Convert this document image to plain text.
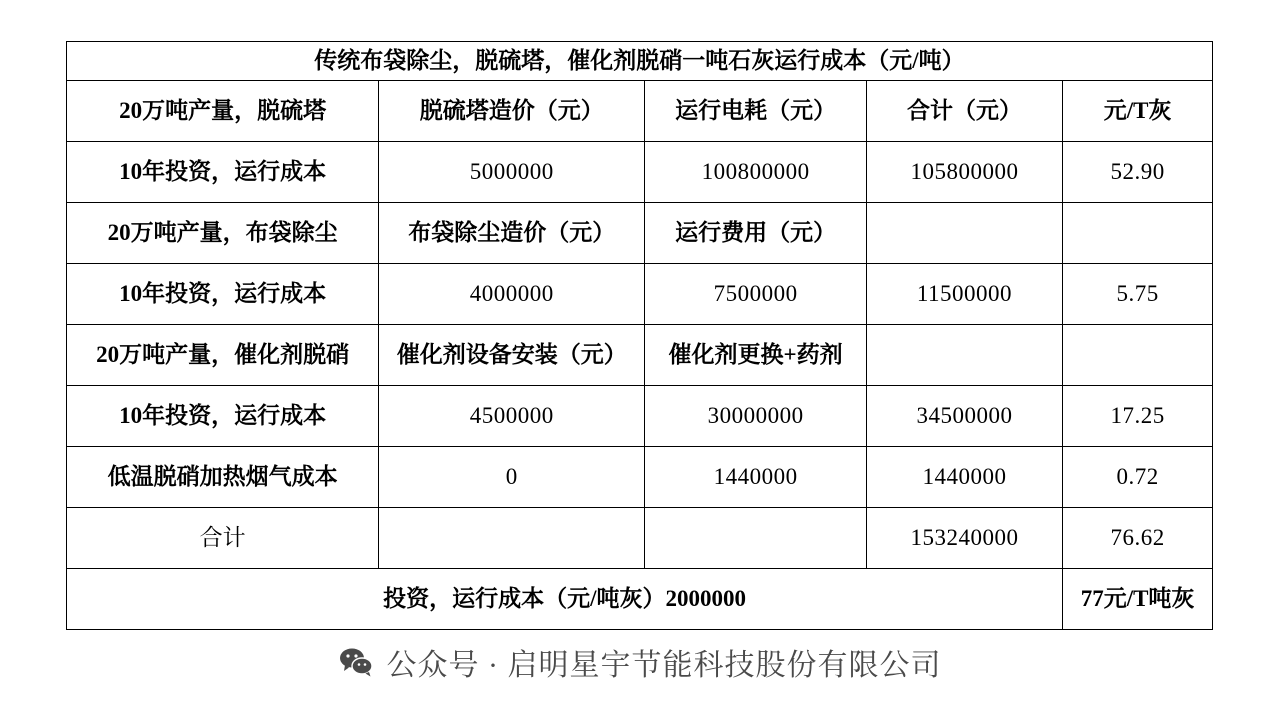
传统布袋除尘，脱硫塔，催化剂脱硝一吨石灰运行成本（元/吨）				
20万吨产量，脱硫塔	脱硫塔造价（元）	运行电耗（元）	合计（元）	元/T灰
10年投资，运行成本	5000000	100800000	105800000	52.90
20万吨产量，布袋除尘	布袋除尘造价（元）	运行费用（元）		
10年投资，运行成本	4000000	7500000	11500000	5.75
20万吨产量，催化剂脱硝	催化剂设备安装（元）	催化剂更换+药剂		
10年投资，运行成本	4500000	30000000	34500000	17.25
低温脱硝加热烟气成本	0	1440000	1440000	0.72
合计			153240000	76.62
投资，运行成本（元/吨灰）2000000				77元/T吨灰
公众号 · 启明星宇节能科技股份有限公司
